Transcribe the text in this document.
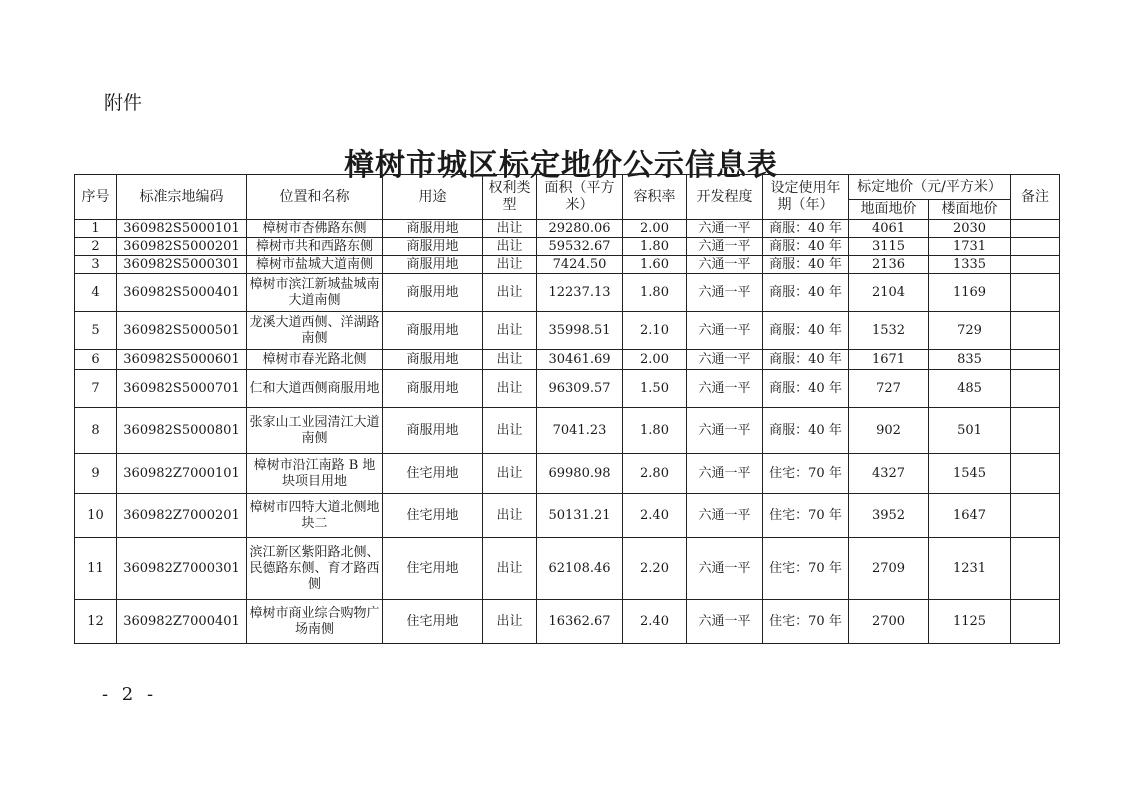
附件
樟树市城区标定地价公示信息表
序号	标准宗地编码	位置和名称	用途	权利类型	面积（平方米）	容积率	开发程度	设定使用年期（年）	标定地价（元/平方米）		备注
									地面地价	楼面地价	
1	360982S5000101	樟树市杏佛路东侧	商服用地	出让	29280.06	2.00	六通一平	商服：40 年	4061	2030	
2	360982S5000201	樟树市共和西路东侧	商服用地	出让	59532.67	1.80	六通一平	商服：40 年	3115	1731	
3	360982S5000301	樟树市盐城大道南侧	商服用地	出让	7424.50	1.60	六通一平	商服：40 年	2136	1335	
4	360982S5000401	樟树市滨江新城盐城南大道南侧	商服用地	出让	12237.13	1.80	六通一平	商服：40 年	2104	1169	
5	360982S5000501	龙溪大道西侧、洋湖路南侧	商服用地	出让	35998.51	2.10	六通一平	商服：40 年	1532	729	
6	360982S5000601	樟树市春光路北侧	商服用地	出让	30461.69	2.00	六通一平	商服：40 年	1671	835	
7	360982S5000701	仁和大道西侧商服用地	商服用地	出让	96309.57	1.50	六通一平	商服：40 年	727	485	
8	360982S5000801	张家山工业园清江大道南侧	商服用地	出让	7041.23	1.80	六通一平	商服：40 年	902	501	
9	360982Z7000101	樟树市沿江南路 B 地块项目用地	住宅用地	出让	69980.98	2.80	六通一平	住宅：70 年	4327	1545	
10	360982Z7000201	樟树市四特大道北侧地块二	住宅用地	出让	50131.21	2.40	六通一平	住宅：70 年	3952	1647	
11	360982Z7000301	滨江新区紫阳路北侧、民德路东侧、育才路西侧	住宅用地	出让	62108.46	2.20	六通一平	住宅：70 年	2709	1231	
12	360982Z7000401	樟树市商业综合购物广场南侧	住宅用地	出让	16362.67	2.40	六通一平	住宅：70 年	2700	1125	
- 2 -
